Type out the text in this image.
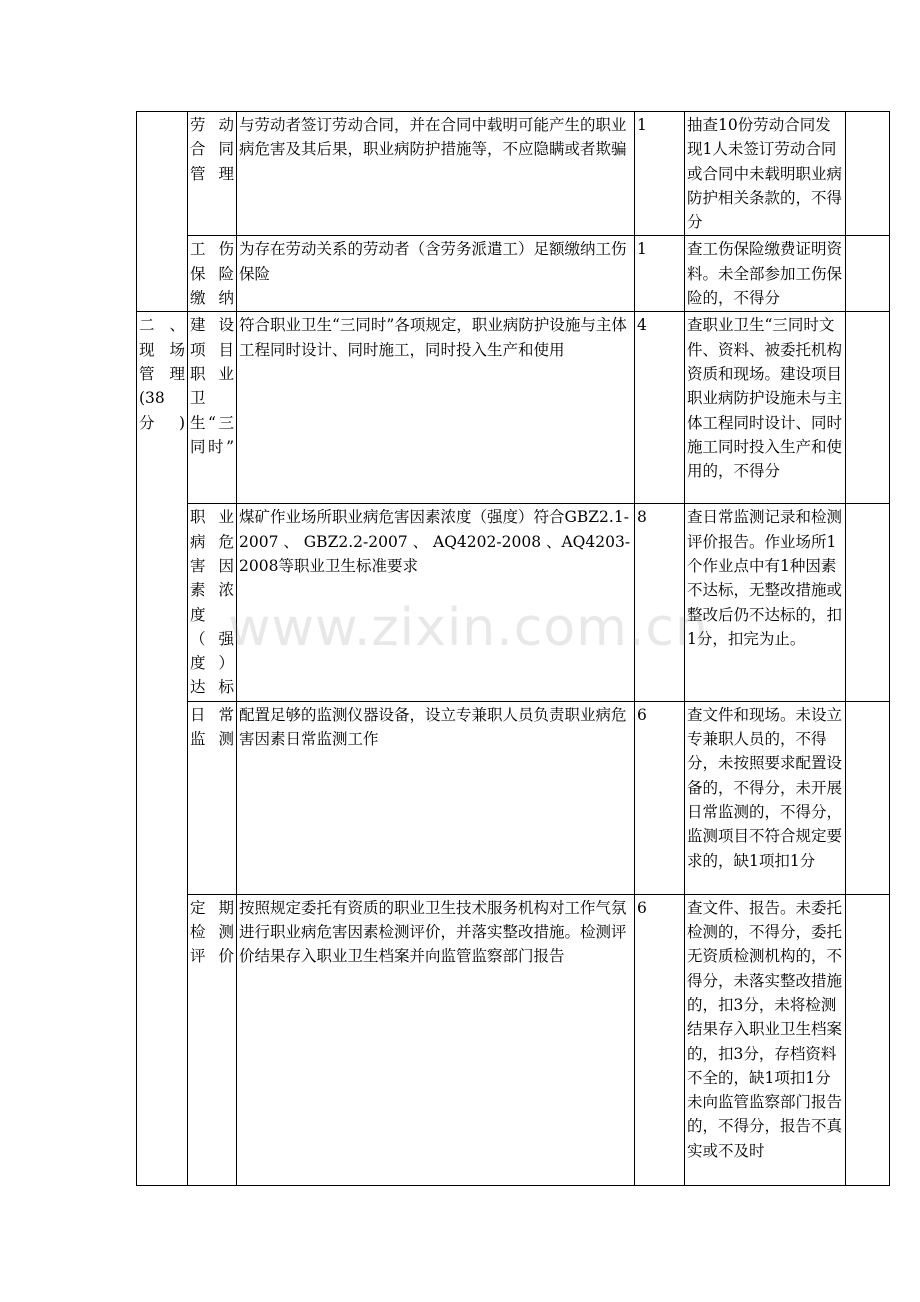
	劳动合同管理	与劳动者签订劳动合同，并在合同中载明可能产生的职业病危害及其后果，职业病防护措施等，不应隐瞒或者欺骗	1	抽查10份劳动合同发现1人未签订劳动合同或合同中未载明职业病防护相关条款的，不得分	
	工伤保险缴纳	为存在劳动关系的劳动者（含劳务派遣工）足额缴纳工伤保险	1	查工伤保险缴费证明资料。未全部参加工伤保险的，不得分	
二、现场管理(38分)	建设项目职业卫生“三同时”	符合职业卫生“三同时”各项规定，职业病防护设施与主体工程同时设计、同时施工，同时投入生产和使用	4	查职业卫生“三同时文件、资料、被委托机构资质和现场。建设项目职业病防护设施未与主体工程同时设计、同时施工同时投入生产和使用的，不得分	
	职业病危害因素浓度（强度）达标	煤矿作业场所职业病危害因素浓度（强度）符合GBZ2.1-2007 、 GBZ2.2-2007 、 AQ4202-2008 、AQ4203-2008等职业卫生标准要求	8	查日常监测记录和检测评价报告。作业场所1个作业点中有1种因素不达标，无整改措施或整改后仍不达标的，扣1分，扣完为止。	
	日常监测	配置足够的监测仪器设备，设立专兼职人员负责职业病危害因素日常监测工作	6	查文件和现场。未设立专兼职人员的，不得分，未按照要求配置设备的，不得分，未开展日常监测的，不得分，监测项目不符合规定要求的，缺1项扣1分	
	定期检测评价	按照规定委托有资质的职业卫生技术服务机构对工作气氛进行职业病危害因素检测评价，并落实整改措施。检测评价结果存入职业卫生档案并向监管监察部门报告	6	查文件、报告。未委托检测的，不得分，委托无资质检测机构的，不得分，未落实整改措施的，扣3分，未将检测结果存入职业卫生档案的，扣3分，存档资料不全的，缺1项扣1分未向监管监察部门报告的，不得分，报告不真实或不及时	
www.zixin.com.cn
